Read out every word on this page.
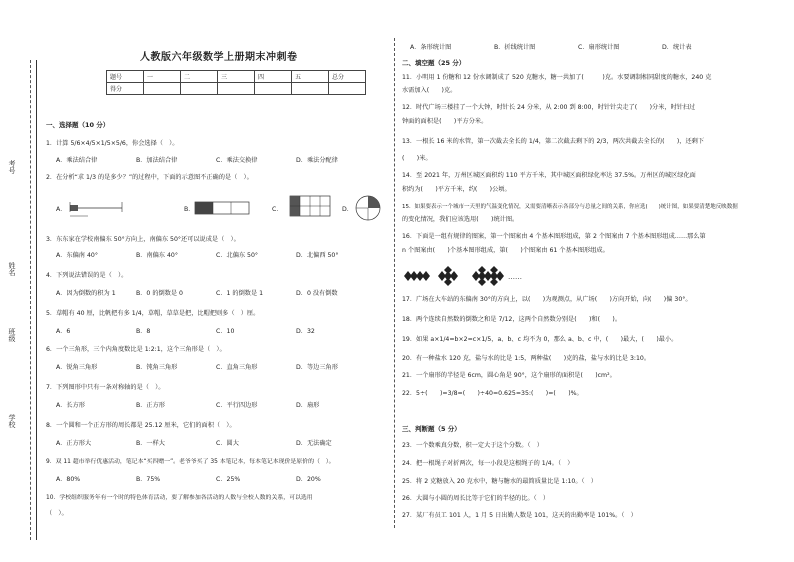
考号
姓名
班级
学校
人教版六年级数学上册期末冲刺卷
题号	一	二	三	四	五	总分
得分						
一、选择题（10 分）
1．计算 5/6×4/5×1/5×5/6，你会选择（　）。
A．乘法结合律	B．加法结合律	C．乘法交换律	D．乘法分配律
2．在分析“求 1/3 的是多少？”的过程中，下面的示意图不正确的是（　）。
A．	B．	C．	D．
3．东东家在学校南偏东 50°方向上，南偏东 50°还可以说成是（　）。
A．东偏南 40°	B．南偏东 40°	C．北偏东 50°	D．北偏西 50°
4．下列说法错误的是（　）。
A．因为倒数的积为 1	B．0 的倒数是 0	C．1 的倒数是 1	D．0 没有倒数
5．草帽有 40 厘，比帆把有多 1/4，草帽，草草是把，比帽把则多（　）厘。
A．6	B．8	C．10	D．32
6．一个三角形，三个内角度数比是 1:2:1，这个三角形是（　）。
A．锐角三角形	B．钝角三角形	C．直角三角形	D．等边三角形
7．下列图形中只有一条对称轴的是（　）。
A．长方形	B．正方形	C．平行四边形	D．扇形
8．一个圆和一个正方形的周长都是 25.12 厘米，它们的面积（　）。
A．正方形大	B．一样大	C．圆大	D．无法确定
9．双 11 超市举行优惠活动，笔记本“买四赠一”。老爷爷买了 35 本笔记本，每本笔记本现价是原价的（　）。
A．80%	B．75%	C．25%	D．20%
10．学校组织服务年有一个时的特色体育活动，要了解参加各活动的人数与全校人数的关系，可以选用
（　）。
A．条形统计图	B．折线统计图	C．扇形统计图	D．统计表
二、填空题（25 分）
11．小明用 1 份糖和 12 份水调制成了 520 克糖水，糖一共加了(　　　)克。水要调制相同甜度的糖水，240 克
水需加入(　　)克。
12．时代广场三楼挂了一个大钟，时针长 24 分米，从 2:00 到 8:00，时针针尖走了(　　)分米，时针扫过
钟面的面积是(　　)平方分米。
13．一根长 16 米的水管，第一次截去全长的 1/4，第二次截去剩下的 2/3，两次共截去全长的(　　)，还剩下
(　　)米。
14．至 2021 年，万州区城区面积约 110 平方千米，其中城区面积绿化率达 37.5%。万州区的城区绿化面
积约为(　　)平方千米，约(　　)公顷。
15．如果要表示一个城市一天里的气温变化情况，又需要清晰表示各部分与总量之间的关系，你应选(　　)统计图，如果要清楚地反映数据
的变化情况，我们应该选用(　　)统计图。
16．下面是一组有规律的图案，第一个图案由 4 个基本图形组成，第 2 个图案由 7 个基本图形组成……那么第
n 个图案由(　　)个基本图形组成，第(　　)个图案由 61 个基本图形组成。
……
17．广场在大车站的东偏南 30°的方向上，以(　　)为观测点，从广场(　　)方向开始，向(　　)偏 30°。
18．两个连续自然数的倒数之和是 7/12，这两个自然数分别是(　　)和(　　)。
19．如果 a×1/4=b×2=c×1/5，a、b、c 均不为 0，那么 a、b、c 中，(　　)最大，(　　)最小。
20．有一种盐水 120 克，盐与水的比是 1:5，两种盐(　　)克的盐，盐与水的比是 3:10。
21．一个扇形的半径是 6cm，圆心角是 90°，这个扇形的面积是(　　)cm²。
22．5÷(　　)=3/8=(　　)÷40=0.625=35:(　　)=(　　)%。
三、判断题（5 分）
23．一个数乘真分数，积一定大于这个分数。（　）
24．把一根绳子对折两次，每一小段是这根绳子的 1/4。（　）
25．将 2 克糖放入 20 克水中，糖与糖水的最简质量比是 1:10。（　）
26．大圆与小圆的周长比等于它们的半径的比。（　）
27．某厂有员工 101 人，1 月 5 日出勤人数是 101，这天的出勤率是 101%。（　）
